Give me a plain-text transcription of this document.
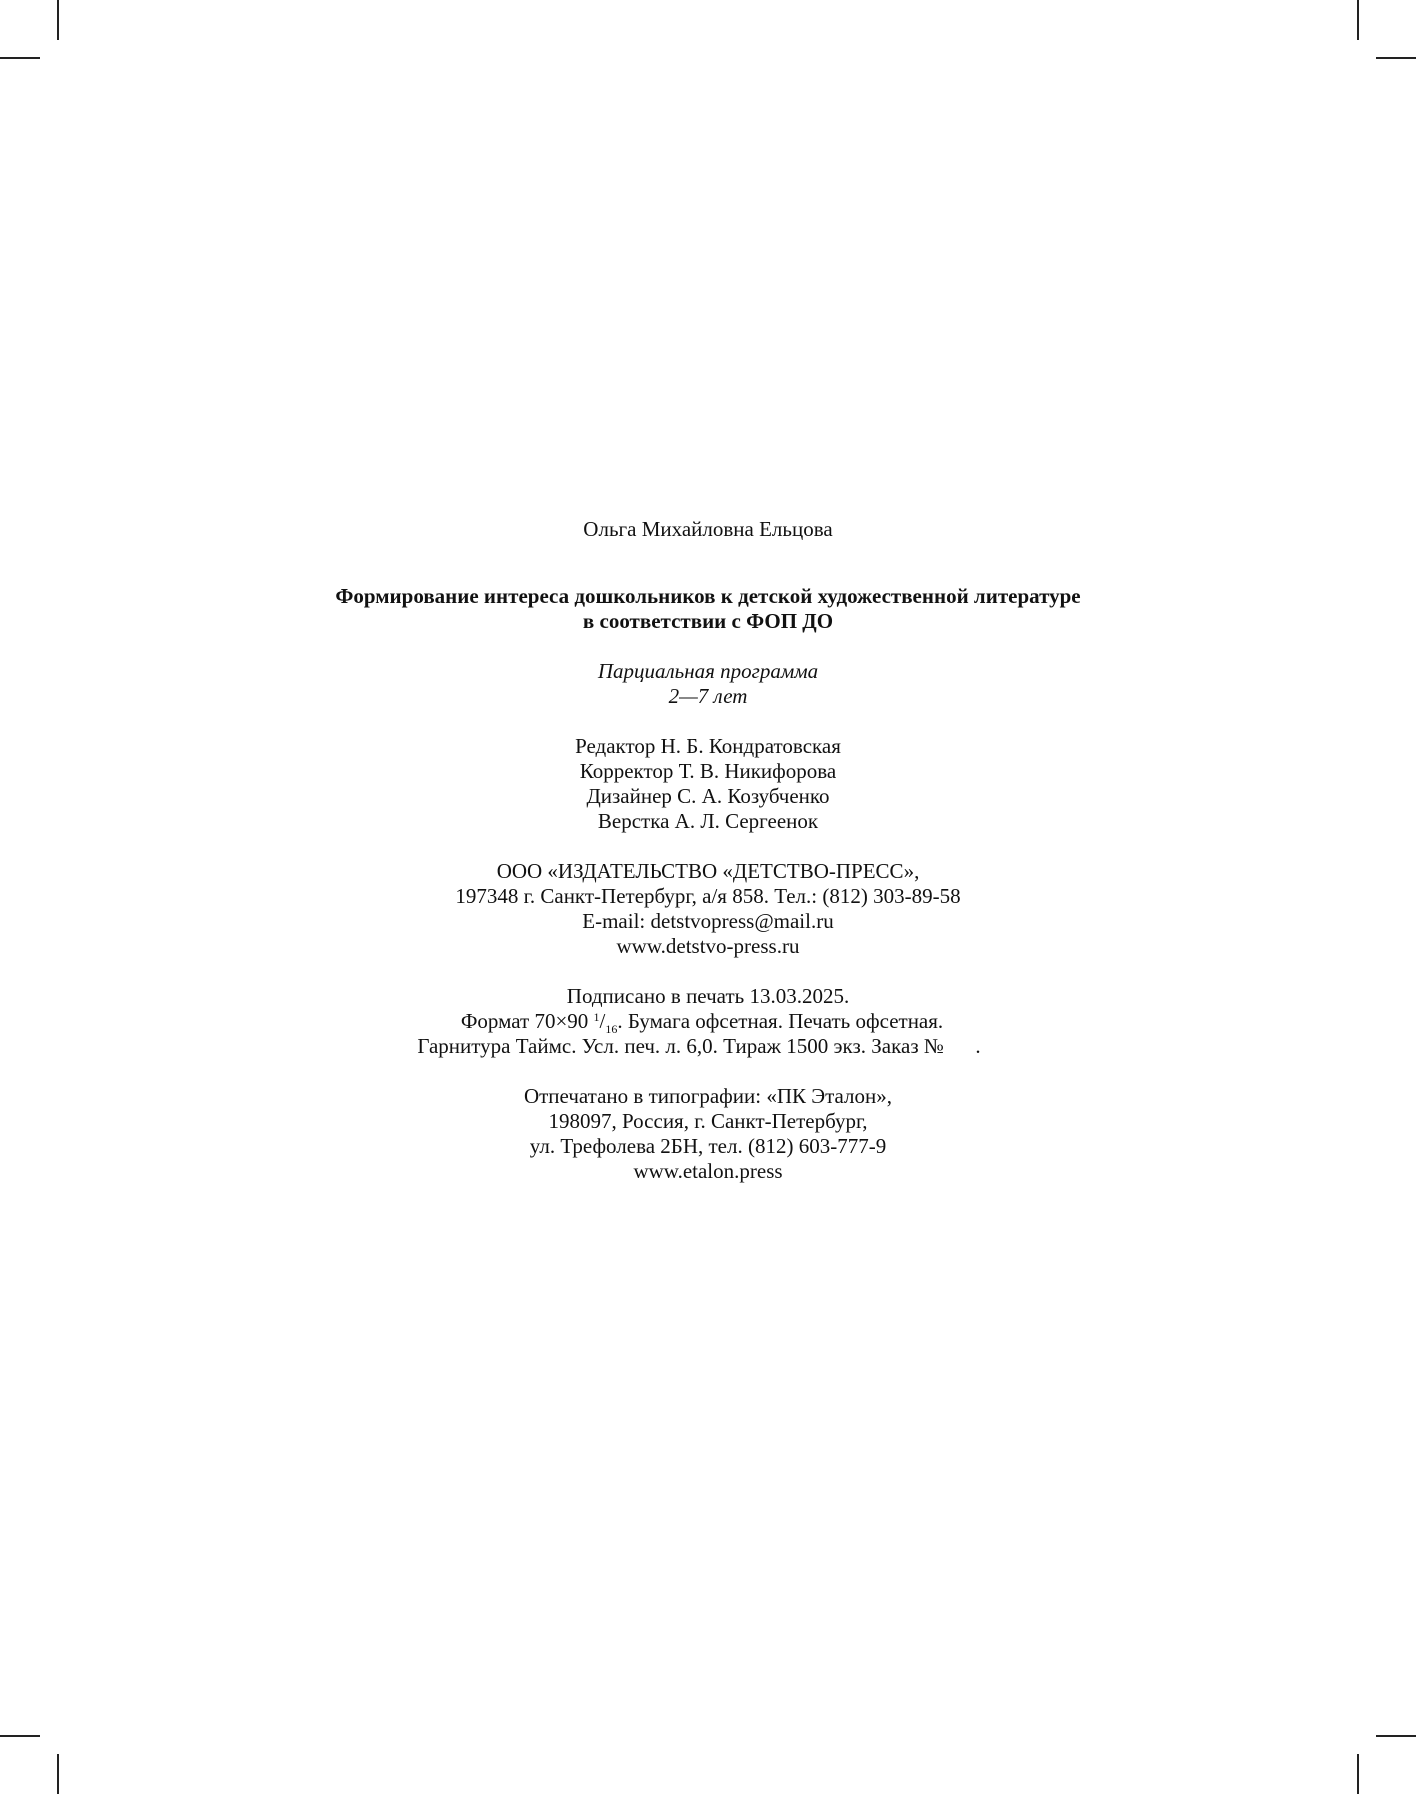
Ольга Михайловна Ельцова

Формирование интереса дошкольников к детской художественной литературе
в соответствии с ФОП ДО
Парциальная программа
2—7 лет
Редактор Н. Б. Кондратовская
Корректор Т. В. Никифорова
Дизайнер С. А. Козубченко
Верстка А. Л. Сергеенок
ООО «ИЗДАТЕЛЬСТВО «ДЕТСТВО-ПРЕСС»,
197348 г. Санкт-Петербург, а/я 858. Тел.: (812) 303-89-58
E-mail: detstvopress@mail.ru
www.detstvo-press.ru
Подписано в печать 13.03.2025.
Формат 70×90 $^1/_{16}$. Бумага офсетная. Печать офсетная.
Гарнитура Таймс. Усл. печ. л. 6,0. Тираж 1500 экз. Заказ №      .
Отпечатано в типографии: «ПК Эталон»,
198097, Россия, г. Санкт-Петербург,
ул. Трефолева 2БН, тел. (812) 603-777-9
www.etalon.press
